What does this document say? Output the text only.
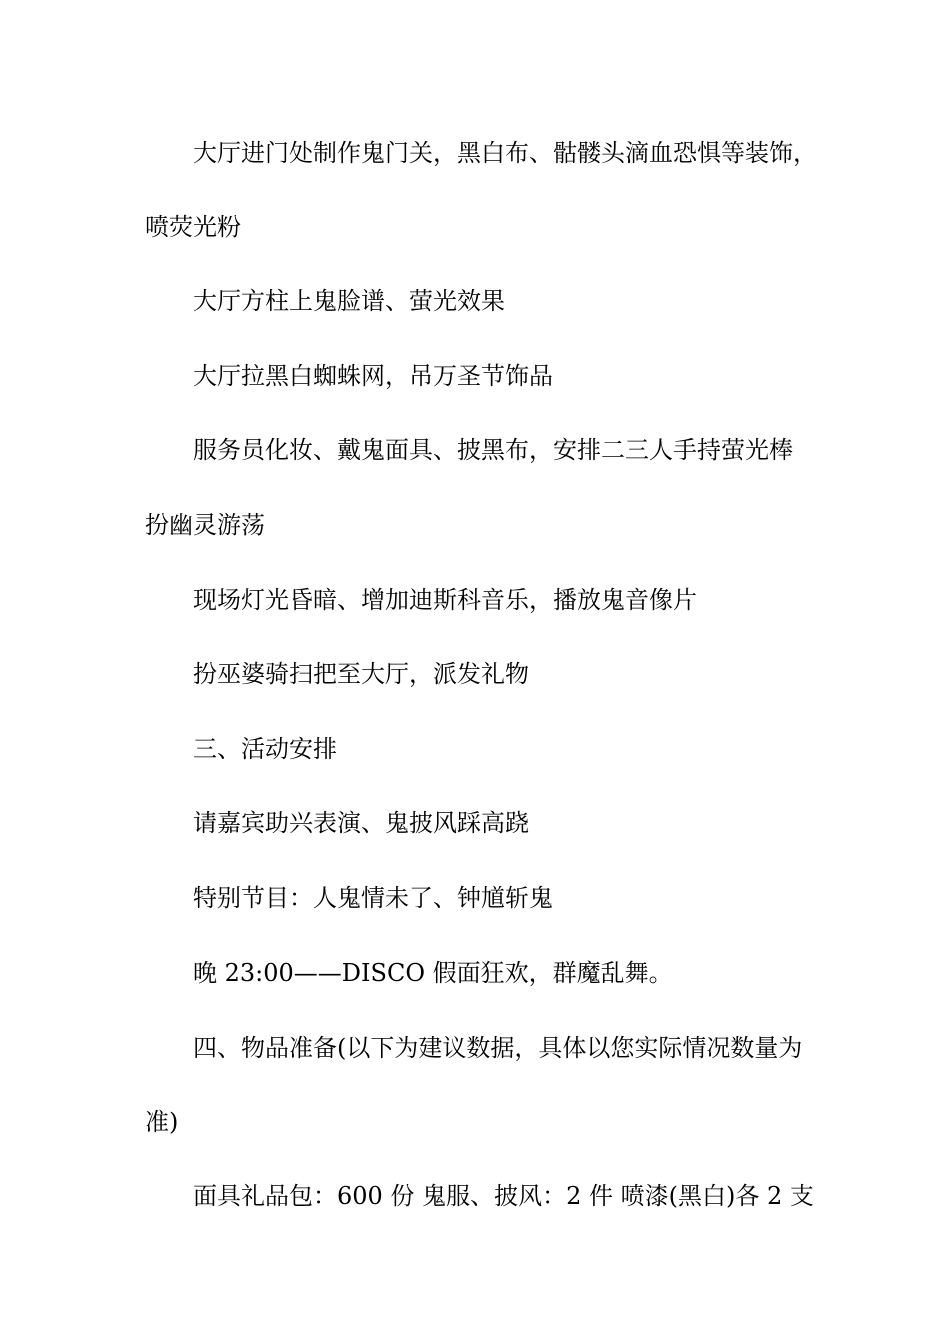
大厅进门处制作鬼门关，黑白布、骷髅头滴血恐惧等装饰，

喷荧光粉

大厅方柱上鬼脸谱、萤光效果

大厅拉黑白蜘蛛网，吊万圣节饰品

服务员化妆、戴鬼面具、披黑布，安排二三人手持萤光棒

扮幽灵游荡

现场灯光昏暗、增加迪斯科音乐，播放鬼音像片

扮巫婆骑扫把至大厅，派发礼物

三、活动安排

请嘉宾助兴表演、鬼披风踩高跷

特别节目：人鬼情未了、钟馗斩鬼

晚 23:00——DISCO 假面狂欢，群魔乱舞。

四、物品准备(以下为建议数据，具体以您实际情况数量为

准)

面具礼品包：600 份 鬼服、披风：2 件 喷漆(黑白)各 2 支
